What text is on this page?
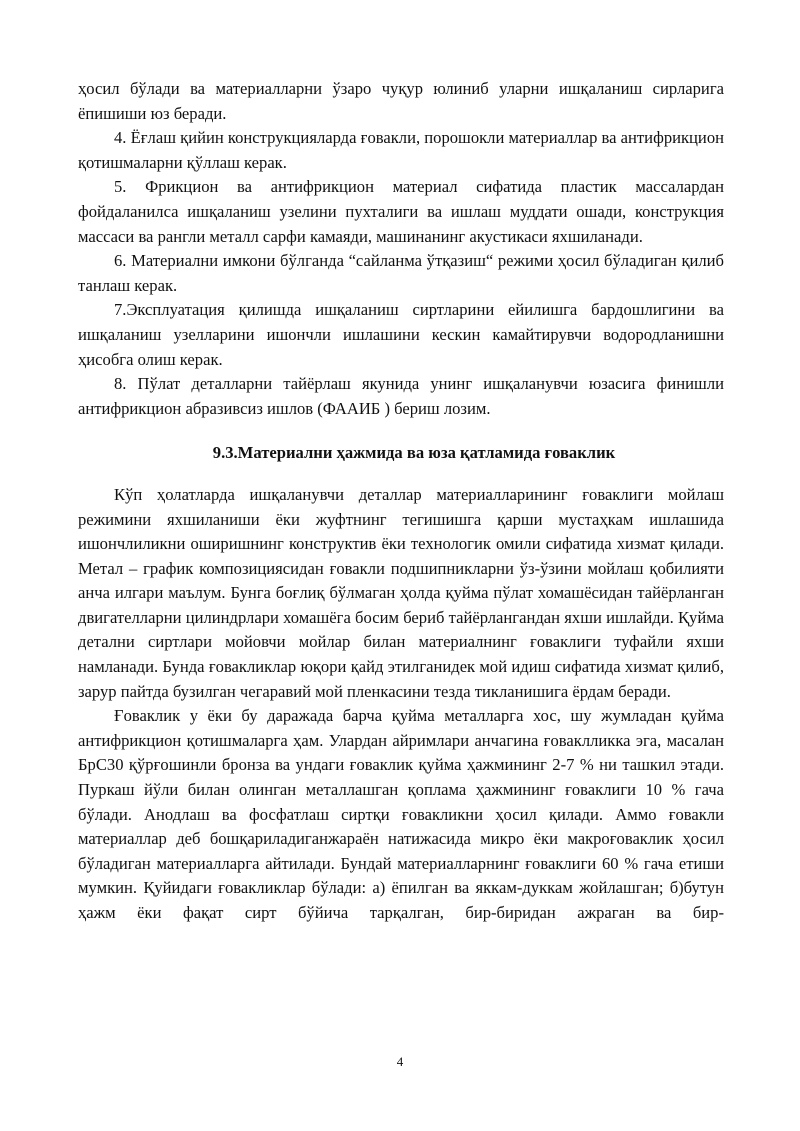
ҳосил бўлади ва материалларни ўзаро чуқур юлиниб уларни ишқаланиш сирларига ёпишиши юз беради.

4. Ёғлаш қийин конструкцияларда ғовакли, порошокли материаллар ва антифрикцион қотишмаларни қўллаш керак.

5. Фрикцион ва антифрикцион материал сифатида пластик массалардан фойдаланилса ишқаланиш узелини пухталиги ва ишлаш муддати ошади, конструкция массаси ва рангли металл сарфи камаяди, машинанинг акустикаси яхшиланади.

6. Материални имкони бўлганда “сайланма ўтқазиш“ режими ҳосил бўладиган қилиб танлаш керак.

7.Эксплуатация қилишда ишқаланиш сиртларини ейилишга бардошлигини ва ишқаланиш узелларини ишончли ишлашини кескин камайтирувчи водородланишни ҳисобга олиш керак.

8. Пўлат деталларни тайёрлаш якунида унинг ишқаланувчи юзасига финишли антифрикцион абразивсиз ишлов (ФААИБ ) бериш лозим.

9.3.Материални ҳажмида ва юза қатламида ғоваклик

Кўп ҳолатларда ишқаланувчи деталлар материалларининг ғоваклиги мойлаш режимини яхшиланиши ёки жуфтнинг тегишишга қарши мустаҳкам ишлашида ишончлиликни оширишнинг конструктив ёки технологик омили сифатида хизмат қилади. Метал – график композициясидан ғовакли подшипникларни ўз-ўзини мойлаш қобилияти анча илгари маълум. Бунга боғлиқ бўлмаган ҳолда қуйма пўлат хомашёсидан тайёрланган двигателларни цилиндрлари хомашёга босим бериб тайёрлангандан яхши ишлайди. Қуйма детални сиртлари мойовчи мойлар билан материалнинг ғоваклиги туфайли яхши намланади. Бунда ғовакликлар юқори қайд этилганидек мой идиш сифатида хизмат қилиб, зарур пайтда бузилган чегаравий мой пленкасини тезда тикланишига ёрдам беради.

Ғоваклик у ёки бу даражада барча қуйма металларга хос, шу жумладан қуйма антифрикцион қотишмаларга ҳам. Улардан айримлари анчагина ғоваклликка эга, масалан БрС30 қўрғошинли бронза ва ундаги ғоваклик қуйма ҳажмининг 2-7 % ни ташкил этади. Пуркаш йўли билан олинган металлашган қоплама ҳажмининг ғоваклиги 10 % гача бўлади. Анодлаш ва фосфатлаш сиртқи ғовакликни ҳосил қилади. Аммо ғовакли материаллар деб бошқариладиганжараён натижасида микро ёки макроғоваклик ҳосил бўладиган материалларга айтилади. Бундай материалларнинг ғоваклиги 60 % гача етиши мумкин. Қуйидаги ғовакликлар бўлади: а) ёпилган ва яккам-дуккам жойлашган; б)бутун ҳажм ёки фақат сирт бўйича тарқалган, бир-биридан ажраган ва бир-

4
